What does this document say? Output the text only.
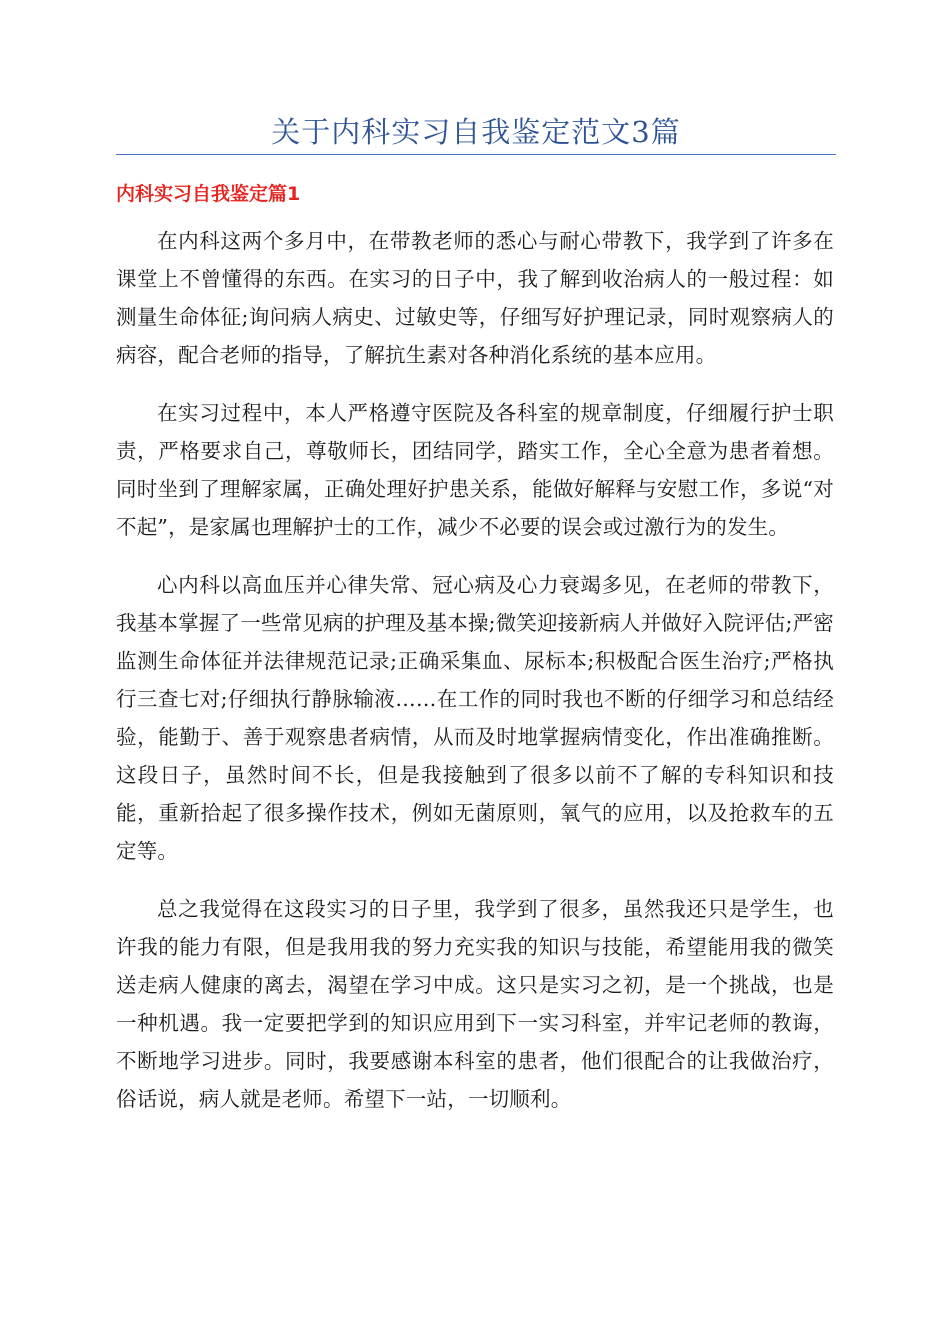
关于内科实习自我鉴定范文3篇
内科实习自我鉴定篇1

在内科这两个多月中，在带教老师的悉心与耐心带教下，我学到了许多在课堂上不曾懂得的东西。在实习的日子中，我了解到收治病人的一般过程：如测量生命体征;询问病人病史、过敏史等，仔细写好护理记录，同时观察病人的病容，配合老师的指导，了解抗生素对各种消化系统的基本应用。

在实习过程中，本人严格遵守医院及各科室的规章制度，仔细履行护士职责，严格要求自己，尊敬师长，团结同学，踏实工作，全心全意为患者着想。同时坐到了理解家属，正确处理好护患关系，能做好解释与安慰工作，多说“对不起”，是家属也理解护士的工作，减少不必要的误会或过激行为的发生。

心内科以高血压并心律失常、冠心病及心力衰竭多见，在老师的带教下，我基本掌握了一些常见病的护理及基本操;微笑迎接新病人并做好入院评估;严密监测生命体征并法律规范记录;正确采集血、尿标本;积极配合医生治疗;严格执行三查七对;仔细执行静脉输液……在工作的同时我也不断的仔细学习和总结经验，能勤于、善于观察患者病情，从而及时地掌握病情变化，作出准确推断。这段日子，虽然时间不长，但是我接触到了很多以前不了解的专科知识和技能，重新拾起了很多操作技术，例如无菌原则，氧气的应用，以及抢救车的五定等。

总之我觉得在这段实习的日子里，我学到了很多，虽然我还只是学生，也许我的能力有限，但是我用我的努力充实我的知识与技能，希望能用我的微笑送走病人健康的离去，渴望在学习中成。这只是实习之初，是一个挑战，也是一种机遇。我一定要把学到的知识应用到下一实习科室，并牢记老师的教诲，不断地学习进步。同时，我要感谢本科室的患者，他们很配合的让我做治疗，俗话说，病人就是老师。希望下一站，一切顺利。
